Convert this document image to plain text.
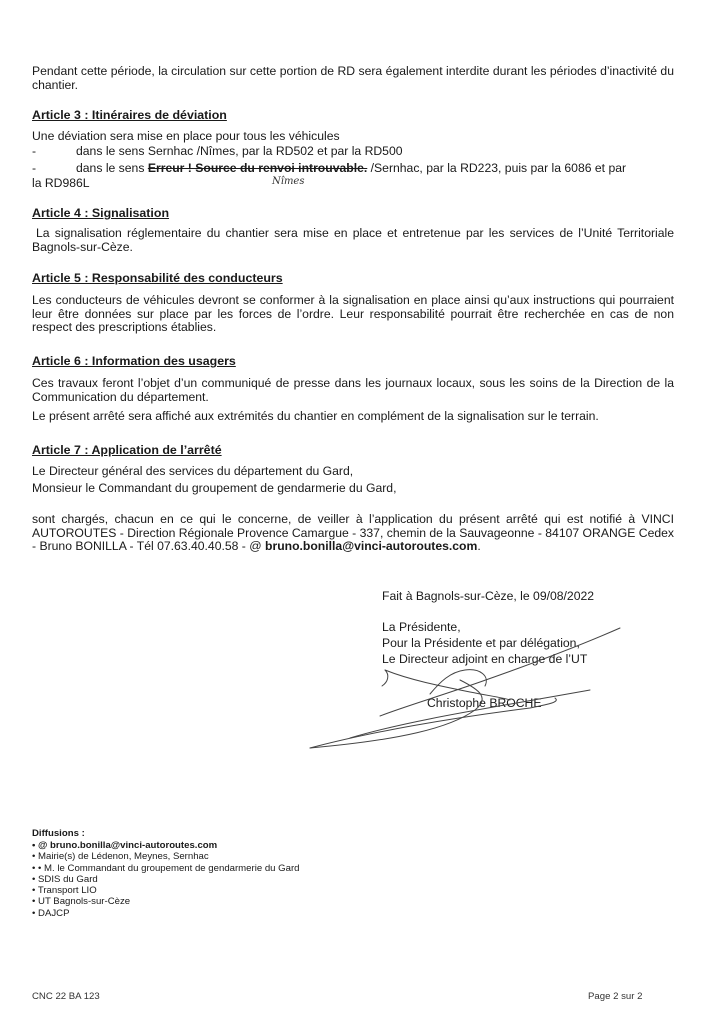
Pendant cette période, la circulation sur cette portion de RD sera également interdite durant les périodes d’inactivité du chantier.

Article 3 : Itinéraires de déviation

Une déviation sera mise en place pour tous les véhicules
-	dans le sens Sernhac /Nîmes, par la RD502 et par la RD500
-	dans le sens Erreur ! Source du renvoi introuvable. /Sernhac, par la RD223, puis par la 6086 et par
la RD986L	Nîmes

Article 4 : Signalisation

La signalisation réglementaire du chantier sera mise en place et entretenue par les services de l’Unité Territoriale Bagnols-sur-Cèze.

Article 5 : Responsabilité des conducteurs

Les conducteurs de véhicules devront se conformer à la signalisation en place ainsi qu’aux instructions qui pourraient leur être données sur place par les forces de l’ordre. Leur responsabilité pourrait être recherchée en cas de non respect des prescriptions établies.

Article 6 : Information des usagers

Ces travaux feront l’objet d’un communiqué de presse dans les journaux locaux, sous les soins de la Direction de la Communication du département.

Le présent arrêté sera affiché aux extrémités du chantier en complément de la signalisation sur le terrain.

Article 7 : Application de l’arrêté

Le Directeur général des services du département du Gard,
Monsieur le Commandant du groupement de gendarmerie du Gard,

sont chargés, chacun en ce qui le concerne, de veiller à l’application du présent arrêté qui est notifié à VINCI AUTOROUTES - Direction Régionale Provence Camargue - 337, chemin de la Sauvageonne - 84107 ORANGE Cedex - Bruno BONILLA - Tél 07.63.40.40.58 - @ bruno.bonilla@vinci-autoroutes.com.

Fait à Bagnols-sur-Cèze, le 09/08/2022
La Présidente,
Pour la Présidente et par délégation,
Le Directeur adjoint en charge de l’UT
Christophe BROCHE
Diffusions :
• @ bruno.bonilla@vinci-autoroutes.com
• Mairie(s) de Lédenon, Meynes, Sernhac
• • M. le Commandant du groupement de gendarmerie du Gard
• SDIS du Gard
• Transport LIO
• UT Bagnols-sur-Cèze
• DAJCP
CNC 22 BA 123	Page 2 sur 2
